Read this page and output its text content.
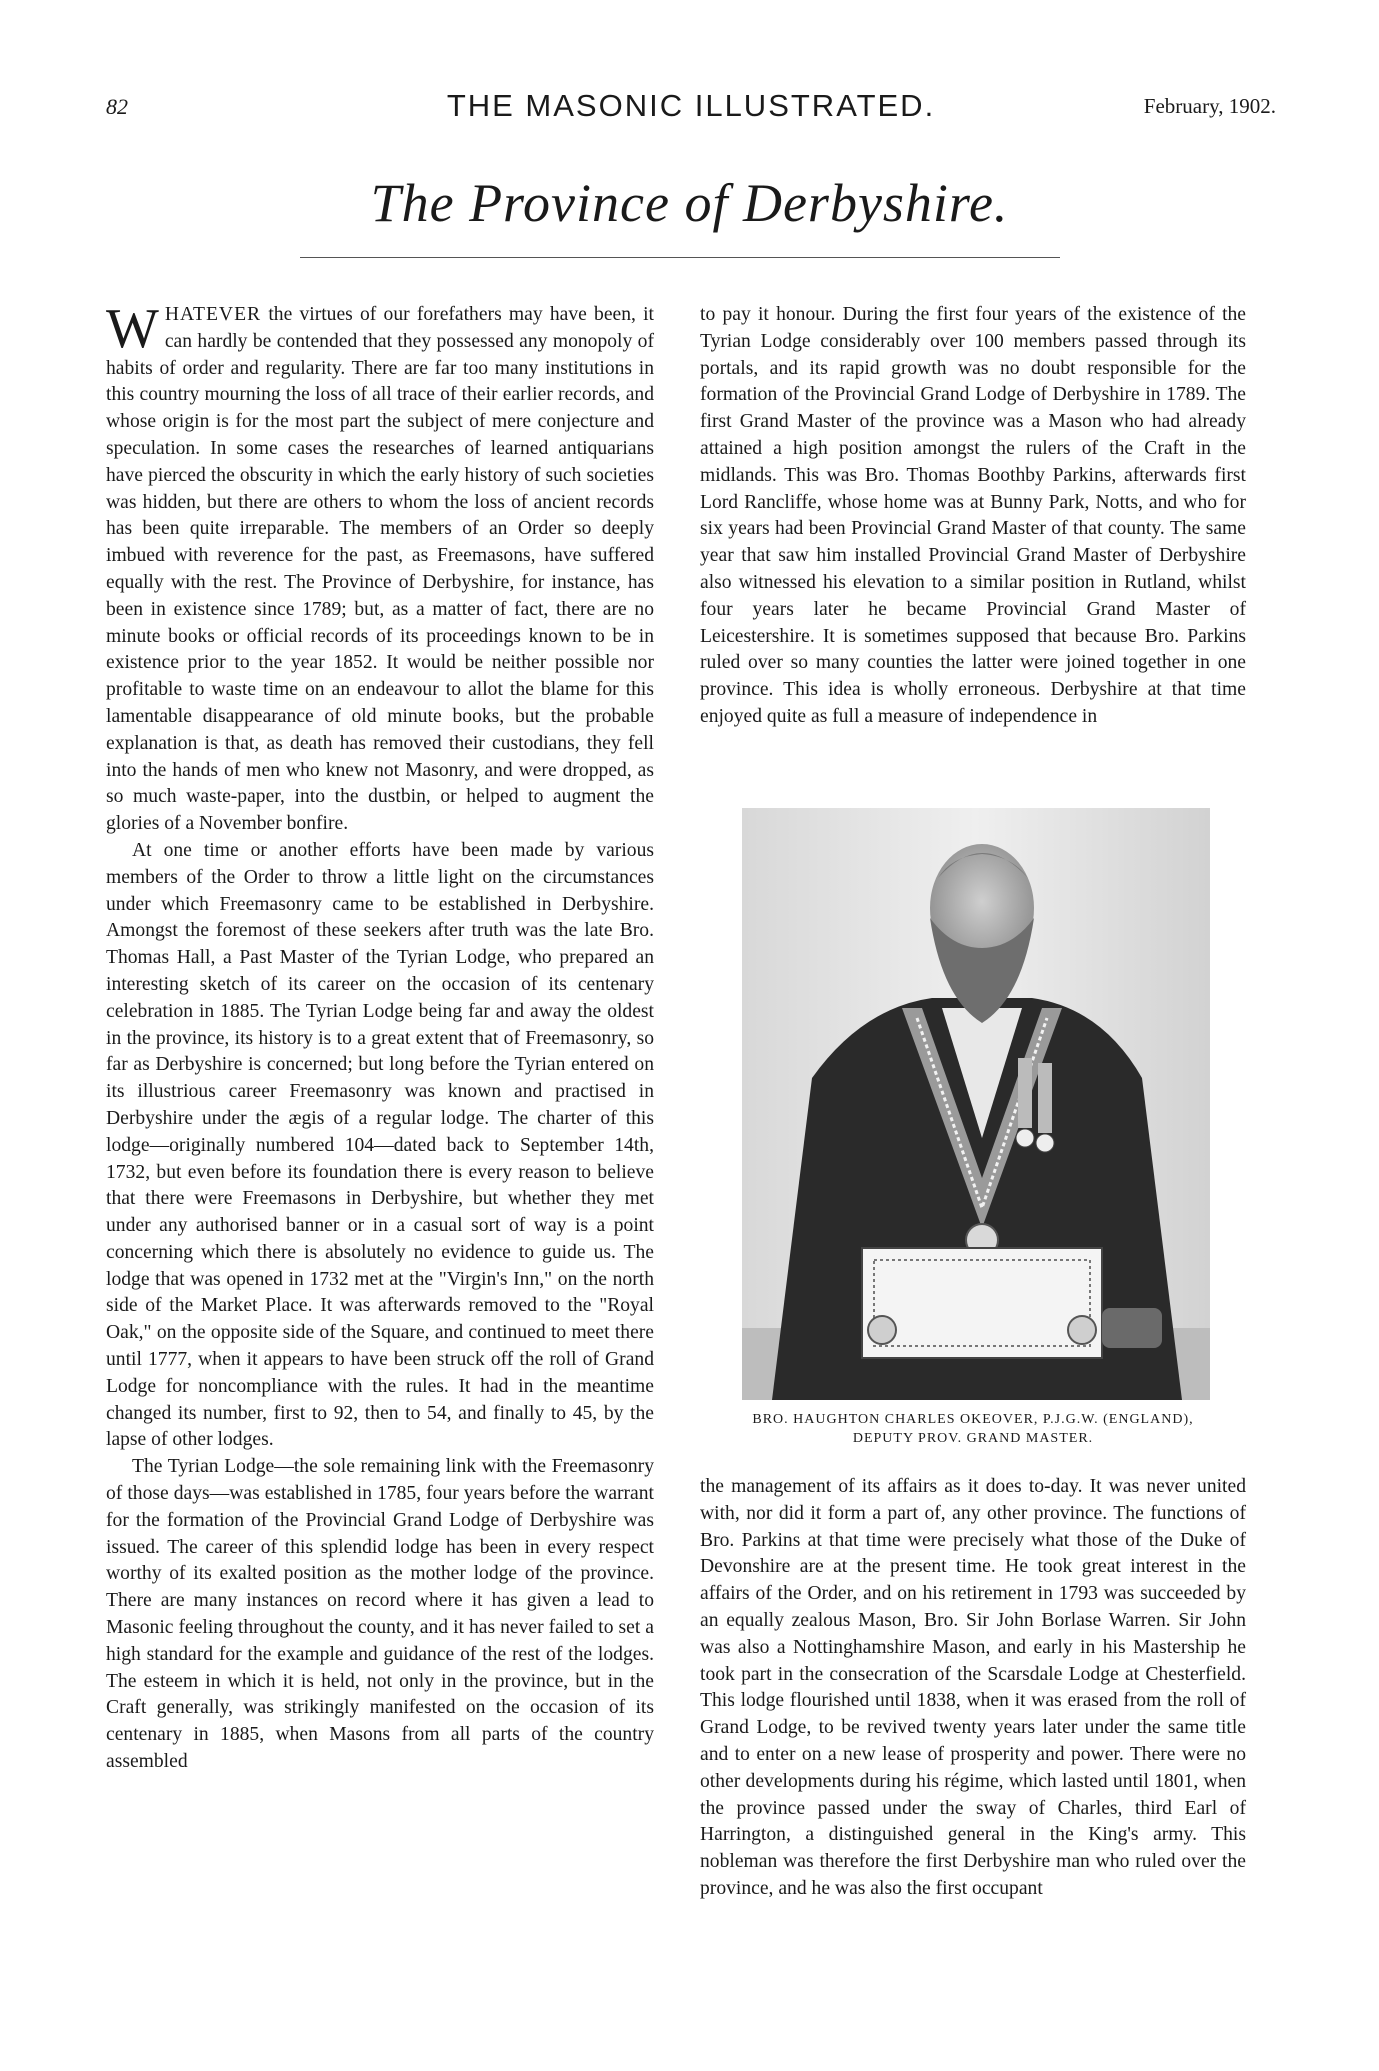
82	THE MASONIC ILLUSTRATED.	February, 1902.
The Province of Derbyshire.

WHATEVER the virtues of our forefathers may have been, it can hardly be contended that they possessed any monopoly of habits of order and regularity. There are far too many institutions in this country mourning the loss of all trace of their earlier records, and whose origin is for the most part the subject of mere conjecture and speculation. In some cases the researches of learned antiquarians have pierced the obscurity in which the early history of such societies was hidden, but there are others to whom the loss of ancient records has been quite irreparable. The members of an Order so deeply imbued with reverence for the past, as Freemasons, have suffered equally with the rest. The Province of Derbyshire, for instance, has been in existence since 1789; but, as a matter of fact, there are no minute books or official records of its proceedings known to be in existence prior to the year 1852. It would be neither possible nor profitable to waste time on an endeavour to allot the blame for this lamentable disappearance of old minute books, but the probable explanation is that, as death has removed their custodians, they fell into the hands of men who knew not Masonry, and were dropped, as so much waste-paper, into the dustbin, or helped to augment the glories of a November bonfire.

At one time or another efforts have been made by various members of the Order to throw a little light on the circumstances under which Freemasonry came to be established in Derbyshire. Amongst the foremost of these seekers after truth was the late Bro. Thomas Hall, a Past Master of the Tyrian Lodge, who prepared an interesting sketch of its career on the occasion of its centenary celebration in 1885. The Tyrian Lodge being far and away the oldest in the province, its history is to a great extent that of Freemasonry, so far as Derbyshire is concerned; but long before the Tyrian entered on its illustrious career Freemasonry was known and practised in Derbyshire under the ægis of a regular lodge. The charter of this lodge—originally numbered 104—dated back to September 14th, 1732, but even before its foundation there is every reason to believe that there were Freemasons in Derbyshire, but whether they met under any authorised banner or in a casual sort of way is a point concerning which there is absolutely no evidence to guide us. The lodge that was opened in 1732 met at the "Virgin's Inn," on the north side of the Market Place. It was afterwards removed to the "Royal Oak," on the opposite side of the Square, and continued to meet there until 1777, when it appears to have been struck off the roll of Grand Lodge for noncompliance with the rules. It had in the meantime changed its number, first to 92, then to 54, and finally to 45, by the lapse of other lodges.

The Tyrian Lodge—the sole remaining link with the Freemasonry of those days—was established in 1785, four years before the warrant for the formation of the Provincial Grand Lodge of Derbyshire was issued. The career of this splendid lodge has been in every respect worthy of its exalted position as the mother lodge of the province. There are many instances on record where it has given a lead to Masonic feeling throughout the county, and it has never failed to set a high standard for the example and guidance of the rest of the lodges. The esteem in which it is held, not only in the province, but in the Craft generally, was strikingly manifested on the occasion of its centenary in 1885, when Masons from all parts of the country assembled

to pay it honour. During the first four years of the existence of the Tyrian Lodge considerably over 100 members passed through its portals, and its rapid growth was no doubt responsible for the formation of the Provincial Grand Lodge of Derbyshire in 1789. The first Grand Master of the province was a Mason who had already attained a high position amongst the rulers of the Craft in the midlands. This was Bro. Thomas Boothby Parkins, afterwards first Lord Rancliffe, whose home was at Bunny Park, Notts, and who for six years had been Provincial Grand Master of that county. The same year that saw him installed Provincial Grand Master of Derbyshire also witnessed his elevation to a similar position in Rutland, whilst four years later he became Provincial Grand Master of Leicestershire. It is sometimes supposed that because Bro. Parkins ruled over so many counties the latter were joined together in one province. This idea is wholly erroneous. Derbyshire at that time enjoyed quite as full a measure of independence in

BRO. HAUGHTON CHARLES OKEOVER, P.J.G.W. (ENGLAND),
DEPUTY PROV. GRAND MASTER.

the management of its affairs as it does to-day. It was never united with, nor did it form a part of, any other province. The functions of Bro. Parkins at that time were precisely what those of the Duke of Devonshire are at the present time. He took great interest in the affairs of the Order, and on his retirement in 1793 was succeeded by an equally zealous Mason, Bro. Sir John Borlase Warren. Sir John was also a Nottinghamshire Mason, and early in his Mastership he took part in the consecration of the Scarsdale Lodge at Chesterfield. This lodge flourished until 1838, when it was erased from the roll of Grand Lodge, to be revived twenty years later under the same title and to enter on a new lease of prosperity and power. There were no other developments during his régime, which lasted until 1801, when the province passed under the sway of Charles, third Earl of Harrington, a distinguished general in the King's army. This nobleman was therefore the first Derbyshire man who ruled over the province, and he was also the first occupant
